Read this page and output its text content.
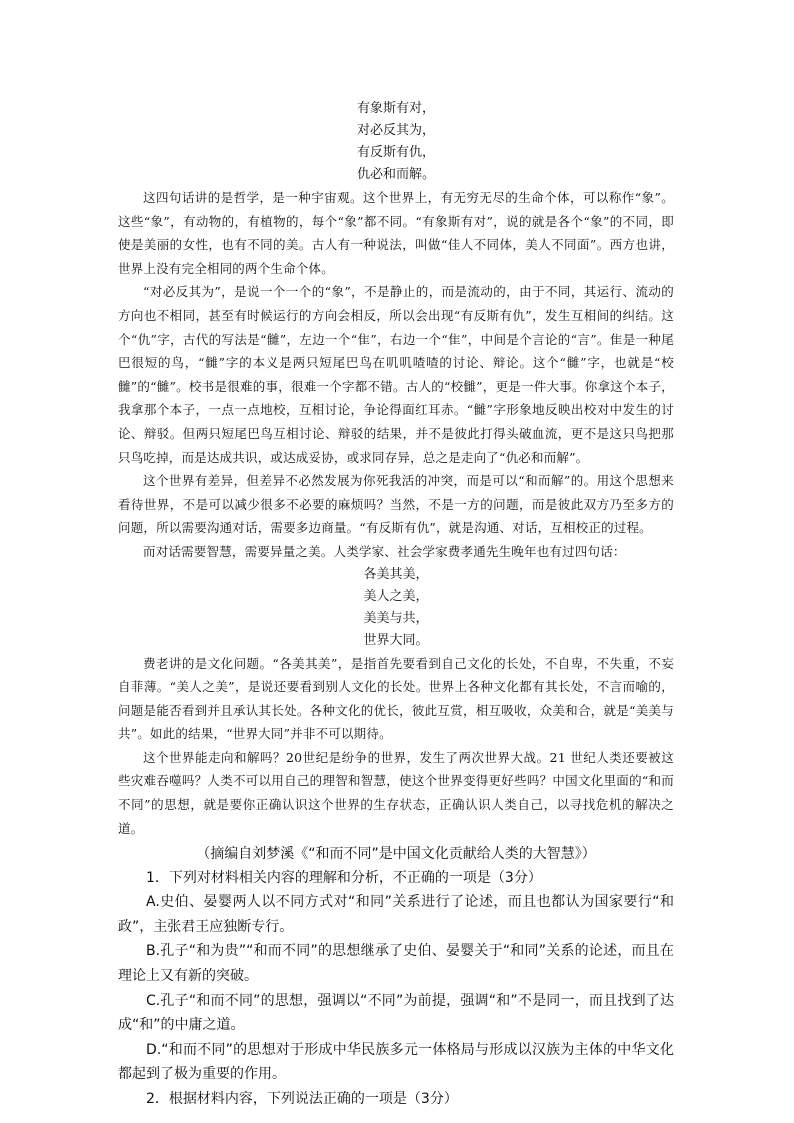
有象斯有对，
对必反其为，
有反斯有仇，
仇必和而解。

这四句话讲的是哲学，是一种宇宙观。这个世界上，有无穷无尽的生命个体，可以称作“象”。这些“象”，有动物的，有植物的，每个“象”都不同。“有象斯有对”，说的就是各个“象”的不同，即使是美丽的女性，也有不同的美。古人有一种说法，叫做“佳人不同体，美人不同面”。西方也讲，世界上没有完全相同的两个生命个体。

“对必反其为”，是说一个一个的“象”，不是静止的，而是流动的，由于不同，其运行、流动的方向也不相同，甚至有时候运行的方向会相反，所以会出现“有反斯有仇”，发生互相间的纠结。这个“仇”字，古代的写法是“雠”，左边一个“隹”，右边一个“隹”，中间是个言论的“言”。隹是一种尾巴很短的鸟，“雠”字的本义是两只短尾巴鸟在叽叽喳喳的讨论、辩论。这个“雠”字，也就是“校雠”的“雠”。校书是很难的事，很难一个字都不错。古人的“校雠”，更是一件大事。你拿这个本子，我拿那个本子，一点一点地校，互相讨论，争论得面红耳赤。“雠”字形象地反映出校对中发生的讨论、辩驳。但两只短尾巴鸟互相讨论、辩驳的结果，并不是彼此打得头破血流，更不是这只鸟把那只鸟吃掉，而是达成共识，或达成妥协，或求同存异，总之是走向了“仇必和而解”。

这个世界有差异，但差异不必然发展为你死我活的冲突，而是可以“和而解”的。用这个思想来看待世界，不是可以减少很多不必要的麻烦吗？当然，不是一方的问题，而是彼此双方乃至多方的问题，所以需要沟通对话，需要多边商量。“有反斯有仇”，就是沟通、对话，互相校正的过程。

而对话需要智慧，需要异量之美。人类学家、社会学家费孝通先生晚年也有过四句话：

各美其美，
美人之美，
美美与共，
世界大同。

费老讲的是文化问题。“各美其美”，是指首先要看到自己文化的长处，不自卑，不失重，不妄自菲薄。“美人之美”，是说还要看到别人文化的长处。世界上各种文化都有其长处，不言而喻的，问题是能否看到并且承认其长处。各种文化的优长，彼此互赏，相互吸收，众美和合，就是“美美与共”。如此的结果，“世界大同”并非不可以期待。

这个世界能走向和解吗？20世纪是纷争的世界，发生了两次世界大战。21 世纪人类还要被这些灾难吞噬吗？人类不可以用自己的理智和智慧，使这个世界变得更好些吗？中国文化里面的“和而不同”的思想，就是要你正确认识这个世界的生存状态，正确认识人类自己，以寻找危机的解决之道。

（摘编自刘梦溪《“和而不同”是中国文化贡献给人类的大智慧》）

1．下列对材料相关内容的理解和分析，不正确的一项是（3分）

A.史伯、晏婴两人以不同方式对“和同”关系进行了论述，而且也都认为国家要行“和政”，主张君王应独断专行。

B.孔子“和为贵”“和而不同”的思想继承了史伯、晏婴关于“和同”关系的论述，而且在理论上又有新的突破。

C.孔子“和而不同”的思想，强调以“不同”为前提，强调“和”不是同一，而且找到了达成“和”的中庸之道。

D.“和而不同”的思想对于形成中华民族多元一体格局与形成以汉族为主体的中华文化都起到了极为重要的作用。

2．根据材料内容，下列说法正确的一项是（3分）
